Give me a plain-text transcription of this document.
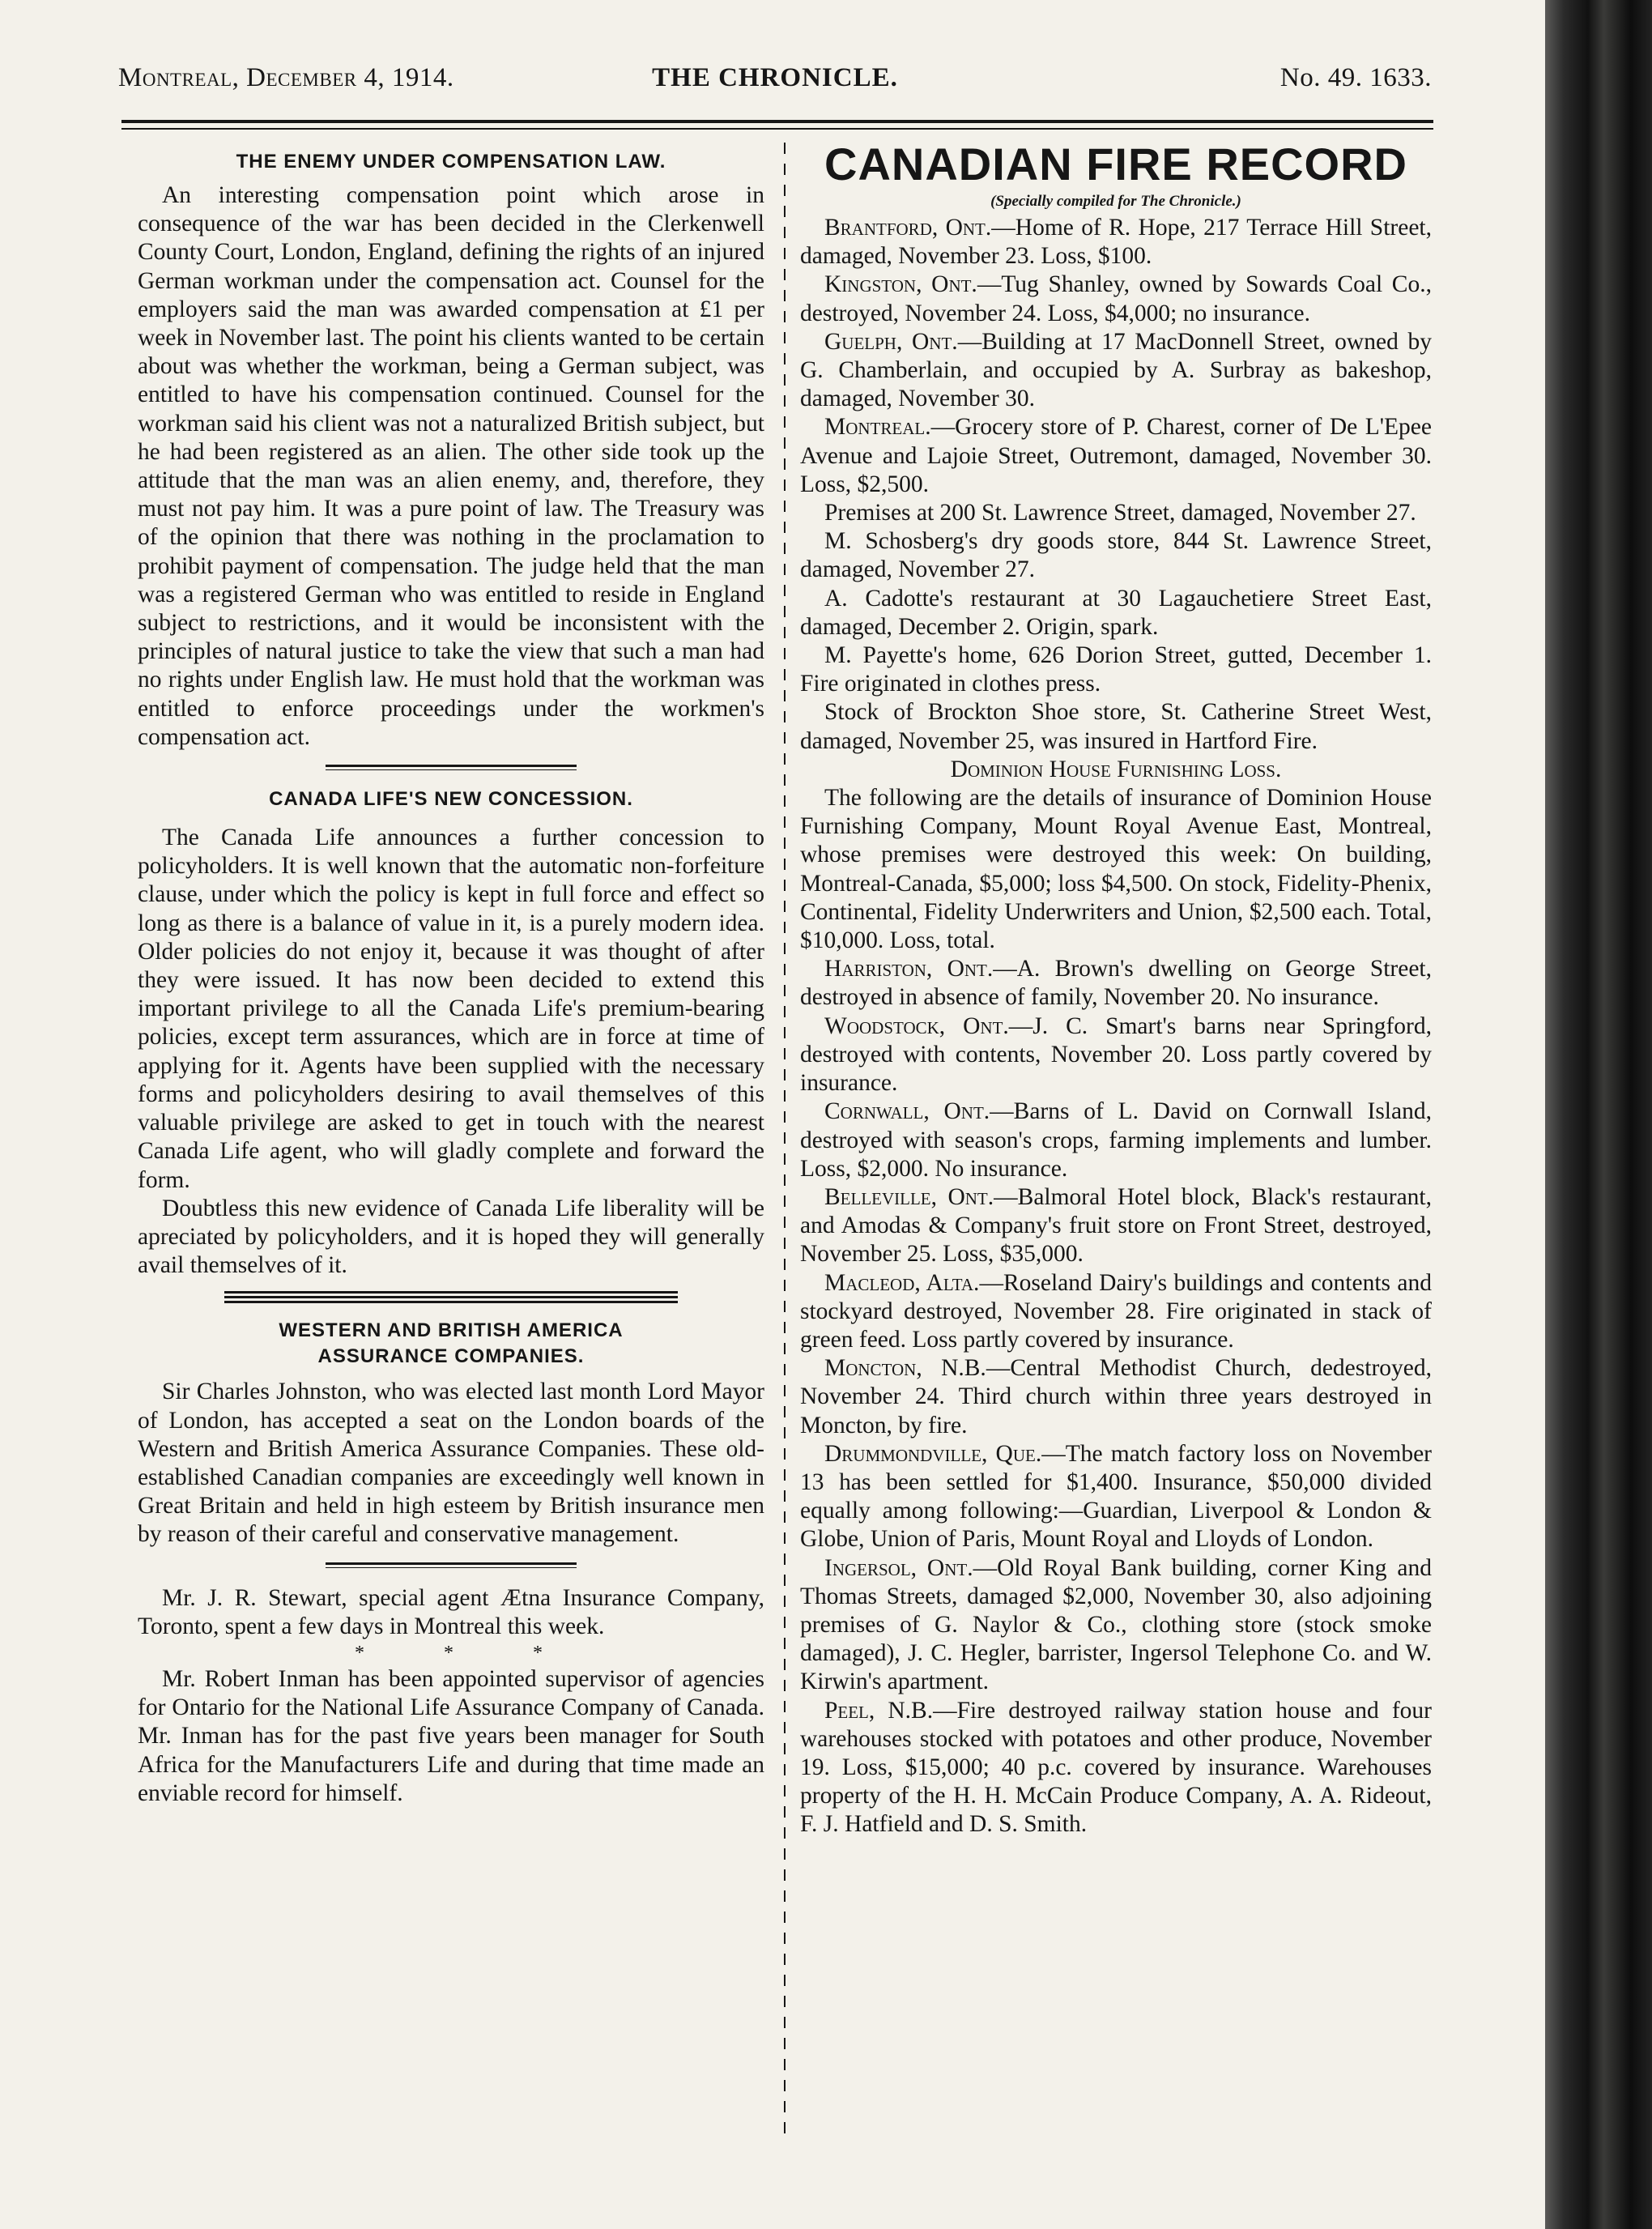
Montreal, December 4, 1914.	THE CHRONICLE.	No. 49. 1633.
THE ENEMY UNDER COMPENSATION LAW.

An interesting compensation point which arose in consequence of the war has been decided in the Clerkenwell County Court, London, England, defining the rights of an injured German workman under the compensation act. Counsel for the employers said the man was awarded compensation at £1 per week in November last. The point his clients wanted to be certain about was whether the workman, being a German subject, was entitled to have his compensation continued. Counsel for the workman said his client was not a naturalized British subject, but he had been registered as an alien. The other side took up the attitude that the man was an alien enemy, and, therefore, they must not pay him. It was a pure point of law. The Treasury was of the opinion that there was nothing in the proclamation to prohibit payment of compensation. The judge held that the man was a registered German who was entitled to reside in England subject to restrictions, and it would be inconsistent with the principles of natural justice to take the view that such a man had no rights under English law. He must hold that the workman was entitled to enforce proceedings under the workmen's compensation act.

CANADA LIFE'S NEW CONCESSION.

The Canada Life announces a further concession to policyholders. It is well known that the automatic non-forfeiture clause, under which the policy is kept in full force and effect so long as there is a balance of value in it, is a purely modern idea. Older policies do not enjoy it, because it was thought of after they were issued. It has now been decided to extend this important privilege to all the Canada Life's premium-bearing policies, except term assurances, which are in force at time of applying for it. Agents have been supplied with the necessary forms and policyholders desiring to avail themselves of this valuable privilege are asked to get in touch with the nearest Canada Life agent, who will gladly complete and forward the form.

Doubtless this new evidence of Canada Life liberality will be apreciated by policyholders, and it is hoped they will generally avail themselves of it.

WESTERN AND BRITISH AMERICA
ASSURANCE COMPANIES.

Sir Charles Johnston, who was elected last month Lord Mayor of London, has accepted a seat on the London boards of the Western and British America Assurance Companies. These old-established Canadian companies are exceedingly well known in Great Britain and held in high esteem by British insurance men by reason of their careful and conservative management.

Mr. J. R. Stewart, special agent Ætna Insurance Company, Toronto, spent a few days in Montreal this week.

* * *

Mr. Robert Inman has been appointed supervisor of agencies for Ontario for the National Life Assurance Company of Canada. Mr. Inman has for the past five years been manager for South Africa for the Manufacturers Life and during that time made an enviable record for himself.

CANADIAN FIRE RECORD
(Specially compiled for The Chronicle.)

Brantford, Ont.—Home of R. Hope, 217 Terrace Hill Street, damaged, November 23. Loss, $100.

Kingston, Ont.—Tug Shanley, owned by Sowards Coal Co., destroyed, November 24. Loss, $4,000; no insurance.

Guelph, Ont.—Building at 17 MacDonnell Street, owned by G. Chamberlain, and occupied by A. Surbray as bakeshop, damaged, November 30.

Montreal.—Grocery store of P. Charest, corner of De L'Epee Avenue and Lajoie Street, Outremont, damaged, November 30. Loss, $2,500.

Premises at 200 St. Lawrence Street, damaged, November 27.

M. Schosberg's dry goods store, 844 St. Lawrence Street, damaged, November 27.

A. Cadotte's restaurant at 30 Lagauchetiere Street East, damaged, December 2. Origin, spark.

M. Payette's home, 626 Dorion Street, gutted, December 1. Fire originated in clothes press.

Stock of Brockton Shoe store, St. Catherine Street West, damaged, November 25, was insured in Hartford Fire.

Dominion House Furnishing Loss.

The following are the details of insurance of Dominion House Furnishing Company, Mount Royal Avenue East, Montreal, whose premises were destroyed this week: On building, Montreal-Canada, $5,000; loss $4,500. On stock, Fidelity-Phenix, Continental, Fidelity Underwriters and Union, $2,500 each. Total, $10,000. Loss, total.

Harriston, Ont.—A. Brown's dwelling on George Street, destroyed in absence of family, November 20. No insurance.

Woodstock, Ont.—J. C. Smart's barns near Springford, destroyed with contents, November 20. Loss partly covered by insurance.

Cornwall, Ont.—Barns of L. David on Cornwall Island, destroyed with season's crops, farming implements and lumber. Loss, $2,000. No insurance.

Belleville, Ont.—Balmoral Hotel block, Black's restaurant, and Amodas & Company's fruit store on Front Street, destroyed, November 25. Loss, $35,000.

Macleod, Alta.—Roseland Dairy's buildings and contents and stockyard destroyed, November 28. Fire originated in stack of green feed. Loss partly covered by insurance.

Moncton, N.B.—Central Methodist Church, dedestroyed, November 24. Third church within three years destroyed in Moncton, by fire.

Drummondville, Que.—The match factory loss on November 13 has been settled for $1,400. Insurance, $50,000 divided equally among following:—Guardian, Liverpool & London & Globe, Union of Paris, Mount Royal and Lloyds of London.

Ingersol, Ont.—Old Royal Bank building, corner King and Thomas Streets, damaged $2,000, November 30, also adjoining premises of G. Naylor & Co., clothing store (stock smoke damaged), J. C. Hegler, barrister, Ingersol Telephone Co. and W. Kirwin's apartment.

Peel, N.B.—Fire destroyed railway station house and four warehouses stocked with potatoes and other produce, November 19. Loss, $15,000; 40 p.c. covered by insurance. Warehouses property of the H. H. McCain Produce Company, A. A. Rideout, F. J. Hatfield and D. S. Smith.
